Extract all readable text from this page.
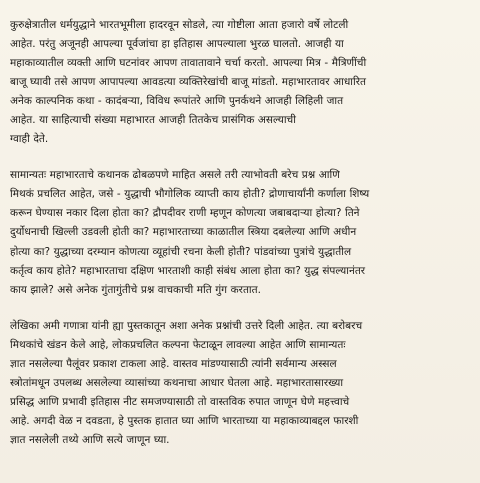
कुरुक्षेत्रातील धर्मयुद्धाने भारतभूमीला हादरवून सोडले, त्या गोष्टीला आता हजारो वर्षे लोटली
आहेत. परंतु अजूनही आपल्या पूर्वजांचा हा इतिहास आपल्याला भुरळ घालतो. आजही या
महाकाव्यातील व्यक्ती आणि घटनांवर आपण तावातावाने चर्चा करतो. आपल्या मित्र - मैत्रिणींची
बाजू घ्यावी तसे आपण आपापल्या आवडत्या व्यक्तिरेखांची बाजू मांडतो. महाभारतावर आधारित
अनेक काल्पनिक कथा - कादंबऱ्या, विविध रूपांतरे आणि पुनर्कथने आजही लिहिली जात
आहेत. या साहित्याची संख्या महाभारत आजही तितकेच प्रासंगिक असल्याची
ग्वाही देते.
सामान्यतः महाभारताचे कथानक ढोबळपणे माहित असले तरी त्याभोवती बरेच प्रश्न आणि
मिथकं प्रचलित आहेत, जसे - युद्धाची भौगोलिक व्याप्ती काय होती? द्रोणाचार्यांनी कर्णाला शिष्य
करून घेण्यास नकार दिला होता का? द्रौपदीवर राणी म्हणून कोणत्या जबाबदाऱ्या होत्या? तिने
दुर्योधनाची खिल्ली उडवली होती का? महाभारताच्या काळातील स्त्रिया दबलेल्या आणि अधीन
होत्या का? युद्धाच्या दरम्यान कोणत्या व्यूहांची रचना केली होती? पांडवांच्या पुत्रांचे युद्धातील
कर्तृत्व काय होते? महाभारताचा दक्षिण भारताशी काही संबंध आला होता का? युद्ध संपल्यानंतर
काय झाले? असे अनेक गुंतागुंतीचे प्रश्न वाचकाची मति गुंग करतात.
लेखिका अमी गणात्रा यांनी ह्या पुस्तकातून अशा अनेक प्रश्नांची उत्तरे दिली आहेत. त्या बरोबरच
मिथकांचे खंडन केले आहे, लोकप्रचलित कल्पना फेटाळून लावल्या आहेत आणि सामान्यतः
ज्ञात नसलेल्या पैलूंवर प्रकाश टाकला आहे. वास्तव मांडण्यासाठी त्यांनी सर्वमान्य अस्सल
स्त्रोतांमधून उपलब्ध असलेल्या व्यासांच्या कथनाचा आधार घेतला आहे. महाभारतासारख्या
प्रसिद्ध आणि प्रभावी इतिहास नीट समजण्यासाठी तो वास्तविक रुपात जाणून घेणे महत्त्वाचे
आहे. अगदी वेळ न दवडता, हे पुस्तक हातात घ्या आणि भारताच्या या महाकाव्याबद्दल फारशी
ज्ञात नसलेली तथ्ये आणि सत्ये जाणून घ्या.
